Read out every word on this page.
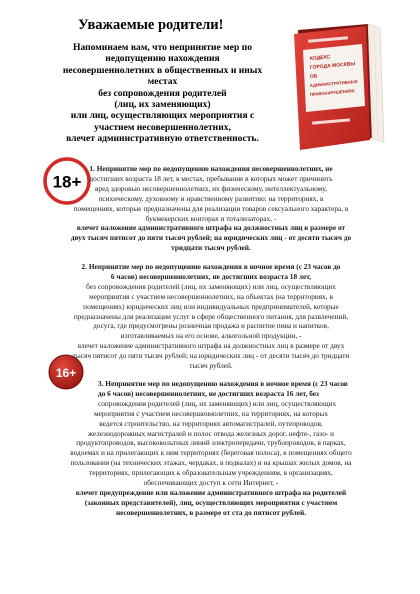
Уважаемые родители!
Напоминаем вам, что непринятие мер по
недопущению нахождения
несовершеннолетних в общественных и иных
местах
без сопровождения родителей
(лиц, их заменяющих)
или лиц, осуществляющих мероприятия с
участием несовершеннолетних,
влечет административную ответственность.
КОДЕКС
ГОРОДА МОСКВЫ
ОБ
АДМИНИСТРАТИВНЫХ
ПРАВОНАРУШЕНИЯХ
18+
16+
1. Непринятие мер по недопущению нахождения несовершеннолетних, не
достигших возраста 18 лет, в местах, пребывание в которых может причинить
вред здоровью несовершеннолетних, их физическому, интеллектуальному,
психическому, духовному и нравственному развитию: на территориях, в
помещениях, которые предназначены для реализации товаров сексуального характера, в
букмекерских конторах и тотализаторах, -
влечет наложение административного штрафа на должностных лиц в размере от
двух тысяч пятисот до пяти тысяч рублей; на юридических лиц - от десяти тысяч до
тридцати тысяч рублей.
2. Непринятие мер по недопущению нахождения в ночное время (с 23 часов до
6 часов) несовершеннолетних, не достигших возраста 18 лет,
без сопровождения родителей (лиц, их заменяющих) или лиц, осуществляющих
мероприятия с участием несовершеннолетних, на объектах (на территориях, в
помещениях) юридических лиц или индивидуальных предпринимателей, которые
предназначены для реализации услуг в сфере общественного питания, для развлечений,
досуга, где предусмотрены розничная продажа и распитие пива и напитков,
изготавливаемых на его основе, алкогольной продукции, -
влечет наложение административного штрафа на должностных лиц в размере от двух
тысяч пятисот до пяти тысяч рублей; на юридических лиц - от десяти тысяч до тридцати
тысяч рублей.
3. Непринятие мер по недопущению нахождения в ночное время (с 23 часов
до 6 часов) несовершеннолетних, не достигших возраста 16 лет, без
сопровождения родителей (лиц, их заменяющих) или лиц, осуществляющих
мероприятия с участием несовершеннолетних, на территориях, на которых
ведется строительство, на территориях автомагистралей, путепроводов,
железнодорожных магистралей и полос отвода железных дорог, нефте-, газо- и
продуктопроводов, высоковольтных линий электропередачи, трубопроводов, в парках,
водоемах и на прилегающих к ним территориях (береговая полоса), в помещениях общего
пользования (на технических этажах, чердаках, в подвалах) и на крышах жилых домов, на
территориях, прилегающих к образовательным учреждениям, в организациях,
обеспечивающих доступ к сети Интернет, -
влечет предупреждение или наложение административного штрафа на родителей
(законных представителей), лиц, осуществляющих мероприятия с участием
несовершеннолетних, в размере от ста до пятисот рублей.
